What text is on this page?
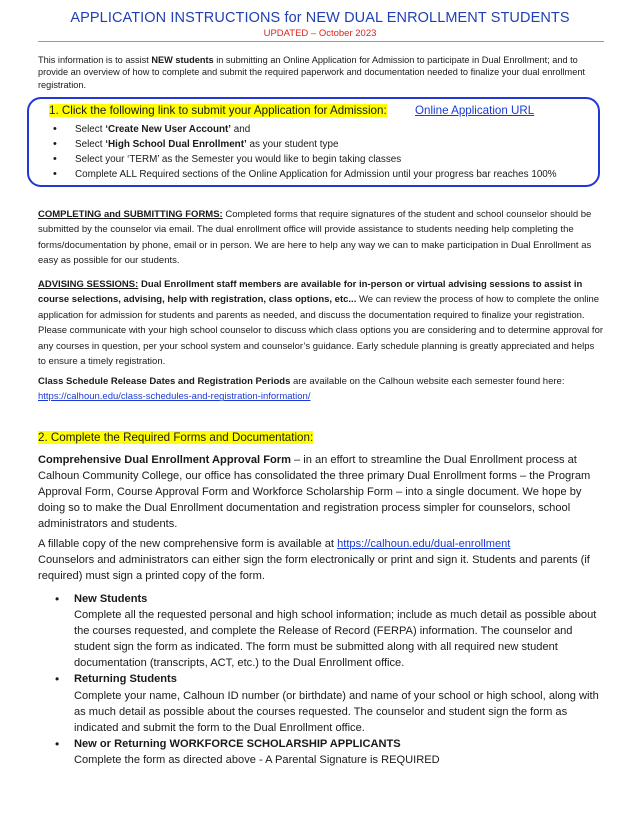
APPLICATION INSTRUCTIONS for NEW DUAL ENROLLMENT STUDENTS
UPDATED – October 2023
This information is to assist NEW students in submitting an Online Application for Admission to participate in Dual Enrollment; and to provide an overview of how to complete and submit the required paperwork and documentation needed to finalize your dual enrollment registration.
1. Click the following link to submit your Application for Admission: Online Application URL
• Select ‘Create New User Account’ and
• Select ‘High School Dual Enrollment’ as your student type
• Select your ‘TERM’ as the Semester you would like to begin taking classes
• Complete ALL Required sections of the Online Application for Admission until your progress bar reaches 100%
COMPLETING and SUBMITTING FORMS: Completed forms that require signatures of the student and school counselor should be submitted by the counselor via email. The dual enrollment office will provide assistance to students needing help completing the forms/documentation by phone, email or in person. We are here to help any way we can to make participation in Dual Enrollment as easy as possible for our students.
ADVISING SESSIONS: Dual Enrollment staff members are available for in-person or virtual advising sessions to assist in course selections, advising, help with registration, class options, etc... We can review the process of how to complete the online application for admission for students and parents as needed, and discuss the documentation required to finalize your registration. Please communicate with your high school counselor to discuss which class options you are considering and to determine approval for any courses in question, per your school system and counselor’s guidance. Early schedule planning is greatly appreciated and helps to ensure a timely registration.
Class Schedule Release Dates and Registration Periods are available on the Calhoun website each semester found here:
https://calhoun.edu/class-schedules-and-registration-information/
2. Complete the Required Forms and Documentation:
Comprehensive Dual Enrollment Approval Form – in an effort to streamline the Dual Enrollment process at Calhoun Community College, our office has consolidated the three primary Dual Enrollment forms – the Program Approval Form, Course Approval Form and Workforce Scholarship Form – into a single document. We hope by doing so to make the Dual Enrollment documentation and registration process simpler for counselors, school administrators and students.
A fillable copy of the new comprehensive form is available at https://calhoun.edu/dual-enrollment
Counselors and administrators can either sign the form electronically or print and sign it. Students and parents (if required) must sign a printed copy of the form.
• New Students
Complete all the requested personal and high school information; include as much detail as possible about the courses requested, and complete the Release of Record (FERPA) information. The counselor and student sign the form as indicated. The form must be submitted along with all required new student documentation (transcripts, ACT, etc.) to the Dual Enrollment office.
• Returning Students
Complete your name, Calhoun ID number (or birthdate) and name of your school or high school, along with as much detail as possible about the courses requested. The counselor and student sign the form as indicated and submit the form to the Dual Enrollment office.
• New or Returning WORKFORCE SCHOLARSHIP APPLICANTS
Complete the form as directed above - A Parental Signature is REQUIRED
